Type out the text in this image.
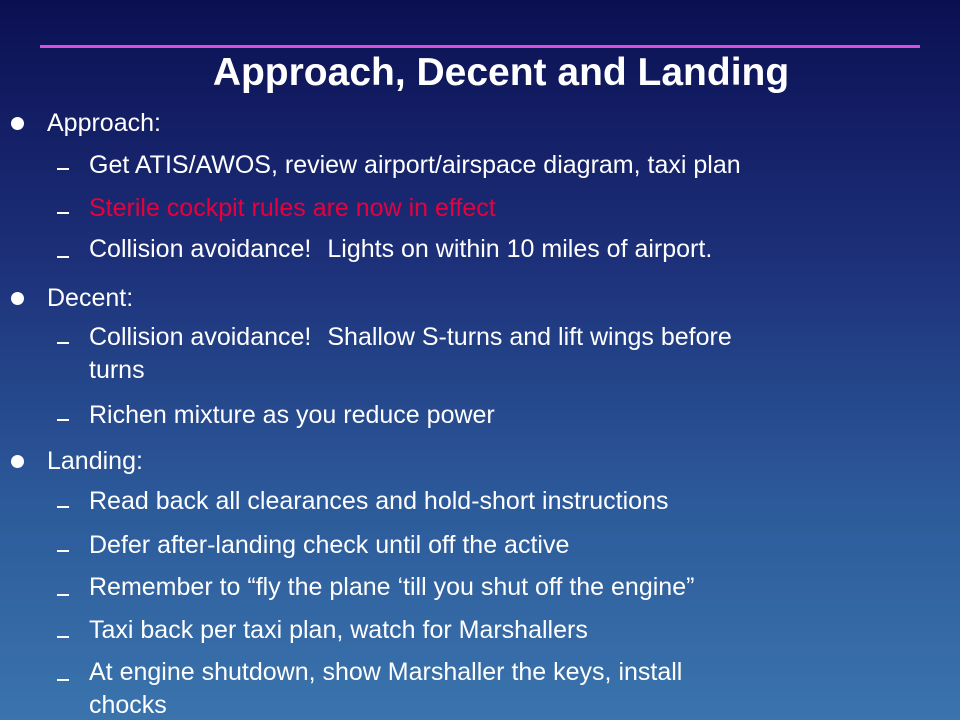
Approach, Decent and Landing
Approach:
Get ATIS/AWOS, review airport/airspace diagram, taxi plan
Sterile cockpit rules are now in effect
Collision avoidance! Lights on within 10 miles of airport.
Decent:
Collision avoidance! Shallow S-turns and lift wings before
turns
Richen mixture as you reduce power
Landing:
Read back all clearances and hold-short instructions
Defer after-landing check until off the active
Remember to “fly the plane ‘till you shut off the engine”
Taxi back per taxi plan, watch for Marshallers
At engine shutdown, show Marshaller the keys, install
chocks
